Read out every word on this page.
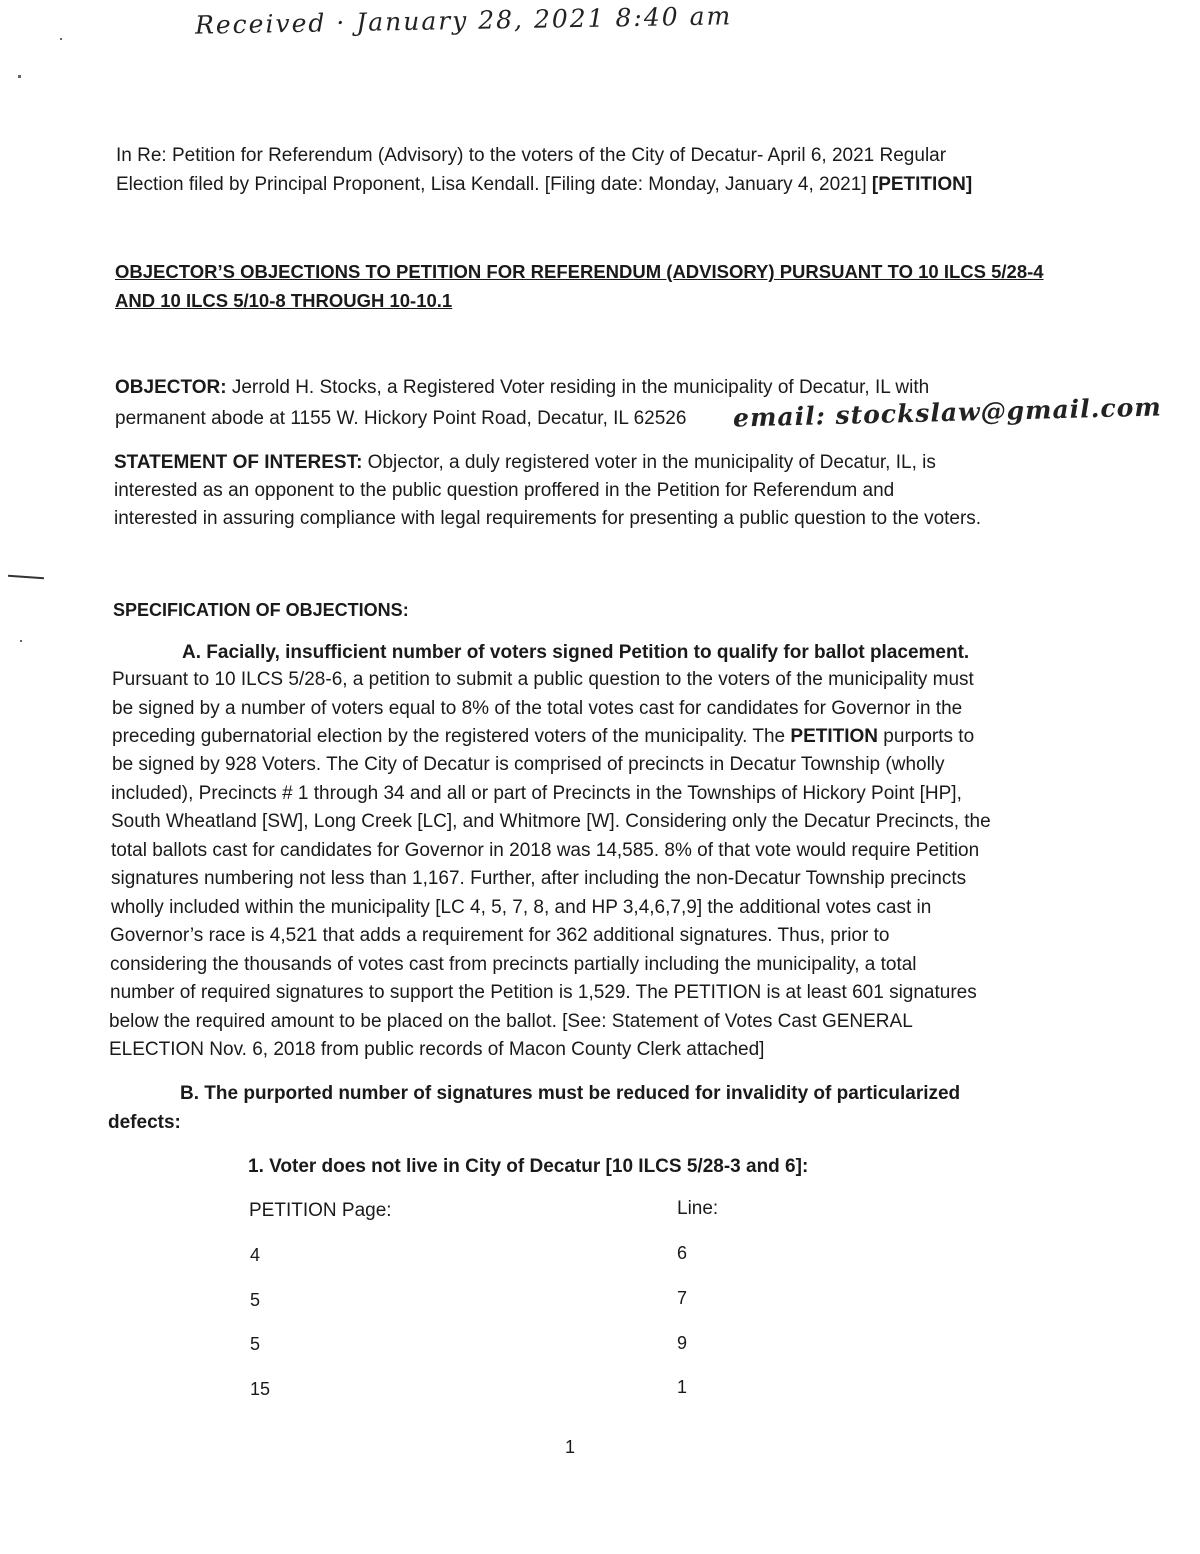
Received · January 28, 2021 8:40 am
In Re: Petition for Referendum (Advisory) to the voters of the City of Decatur- April 6, 2021 Regular
Election filed by Principal Proponent, Lisa Kendall. [Filing date: Monday, January 4, 2021] [PETITION]
OBJECTOR’S OBJECTIONS TO PETITION FOR REFERENDUM (ADVISORY) PURSUANT TO 10 ILCS 5/28-4
AND 10 ILCS 5/10-8 THROUGH 10-10.1
OBJECTOR: Jerrold H. Stocks, a Registered Voter residing in the municipality of Decatur, IL with
permanent abode at 1155 W. Hickory Point Road, Decatur, IL 62526 email: stockslaw@gmail.com
STATEMENT OF INTEREST: Objector, a duly registered voter in the municipality of Decatur, IL, is
interested as an opponent to the public question proffered in the Petition for Referendum and
interested in assuring compliance with legal requirements for presenting a public question to the voters.
SPECIFICATION OF OBJECTIONS:
A. Facially, insufficient number of voters signed Petition to qualify for ballot placement.
Pursuant to 10 ILCS 5/28-6, a petition to submit a public question to the voters of the municipality must
be signed by a number of voters equal to 8% of the total votes cast for candidates for Governor in the
preceding gubernatorial election by the registered voters of the municipality. The PETITION purports to
be signed by 928 Voters. The City of Decatur is comprised of precincts in Decatur Township (wholly
included), Precincts # 1 through 34 and all or part of Precincts in the Townships of Hickory Point [HP],
South Wheatland [SW], Long Creek [LC], and Whitmore [W]. Considering only the Decatur Precincts, the
total ballots cast for candidates for Governor in 2018 was 14,585. 8% of that vote would require Petition
signatures numbering not less than 1,167. Further, after including the non-Decatur Township precincts
wholly included within the municipality [LC 4, 5, 7, 8, and HP 3,4,6,7,9] the additional votes cast in
Governor’s race is 4,521 that adds a requirement for 362 additional signatures. Thus, prior to
considering the thousands of votes cast from precincts partially including the municipality, a total
number of required signatures to support the Petition is 1,529. The PETITION is at least 601 signatures
below the required amount to be placed on the ballot. [See: Statement of Votes Cast GENERAL
ELECTION Nov. 6, 2018 from public records of Macon County Clerk attached]
B. The purported number of signatures must be reduced for invalidity of particularized
defects:
1. Voter does not live in City of Decatur [10 ILCS 5/28-3 and 6]:
PETITION Page:	Line:
4	6
5	7
5	9
15	1
1
